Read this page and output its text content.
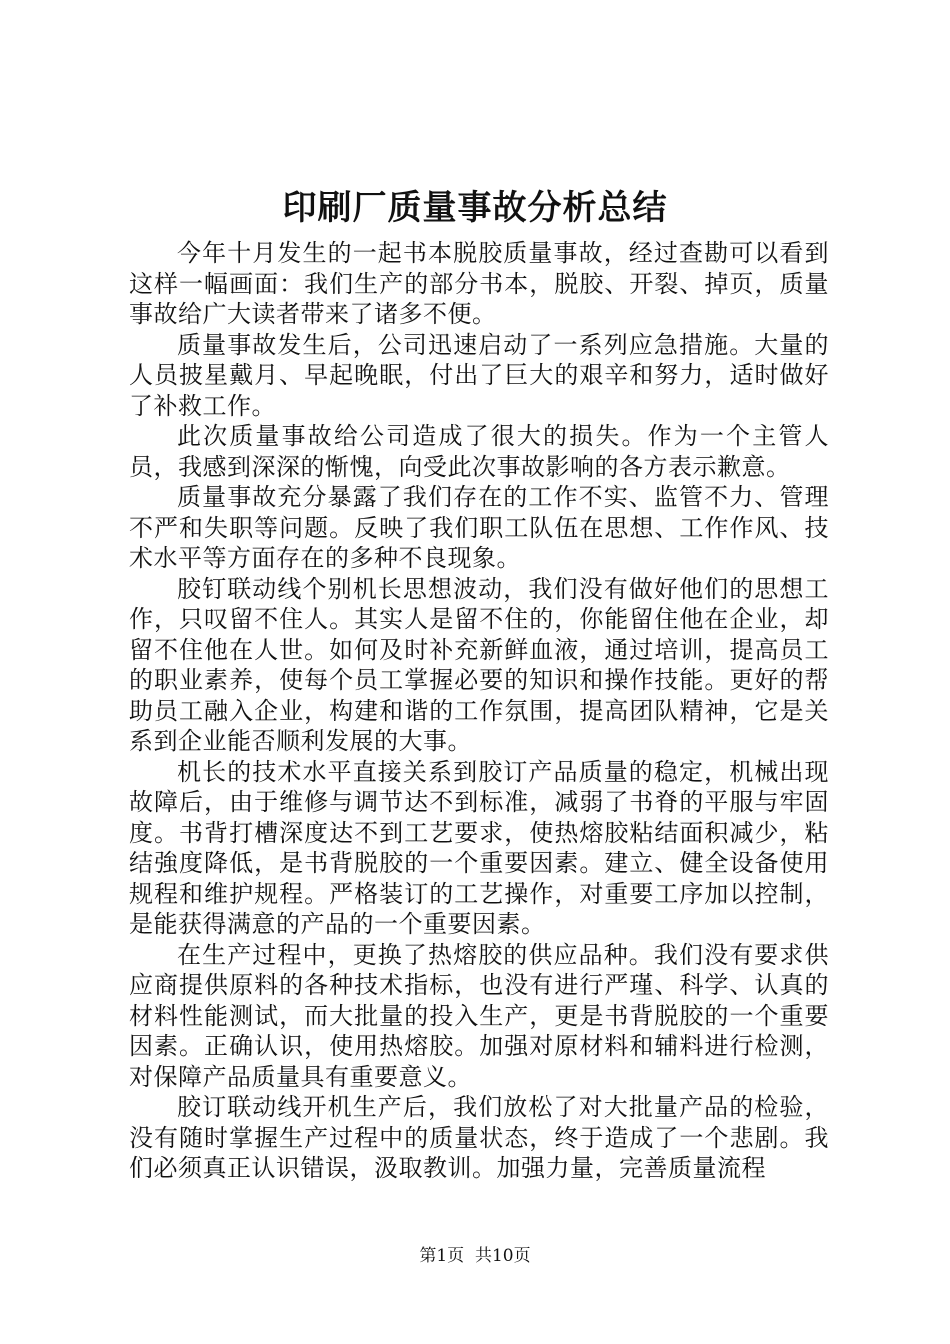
印刷厂质量事故分析总结

今年十月发生的一起书本脱胶质量事故，经过查勘可以看到这样一幅画面：我们生产的部分书本，脱胶、开裂、掉页，质量事故给广大读者带来了诸多不便。

质量事故发生后，公司迅速启动了一系列应急措施。大量的人员披星戴月、早起晚眠，付出了巨大的艰辛和努力，适时做好了补救工作。

此次质量事故给公司造成了很大的损失。作为一个主管人员，我感到深深的惭愧，向受此次事故影响的各方表示歉意。

质量事故充分暴露了我们存在的工作不实、监管不力、管理不严和失职等问题。反映了我们职工队伍在思想、工作作风、技术水平等方面存在的多种不良现象。

胶钉联动线个别机长思想波动，我们没有做好他们的思想工作，只叹留不住人。其实人是留不住的，你能留住他在企业，却留不住他在人世。如何及时补充新鲜血液，通过培训，提高员工的职业素养，使每个员工掌握必要的知识和操作技能。更好的帮助员工融入企业，构建和谐的工作氛围，提高团队精神，它是关系到企业能否顺利发展的大事。

机长的技术水平直接关系到胶订产品质量的稳定，机械出现故障后，由于维修与调节达不到标准，减弱了书脊的平服与牢固度。书背打槽深度达不到工艺要求，使热熔胶粘结面积减少，粘结強度降低，是书背脱胶的一个重要因素。建立、健全设备使用规程和维护规程。严格装订的工艺操作，对重要工序加以控制，是能获得满意的产品的一个重要因素。

在生产过程中，更换了热熔胶的供应品种。我们没有要求供应商提供原料的各种技术指标，也没有进行严瑾、科学、认真的材料性能测试，而大批量的投入生产，更是书背脱胶的一个重要因素。正确认识，使用热熔胶。加强对原材料和辅料进行检测，对保障产品质量具有重要意义。

胶订联动线开机生产后，我们放松了对大批量产品的检验，没有随时掌握生产过程中的质量状态，终于造成了一个悲剧。我们必须真正认识错误，汲取教训。加强力量，完善质量流程

第1页  共10页
